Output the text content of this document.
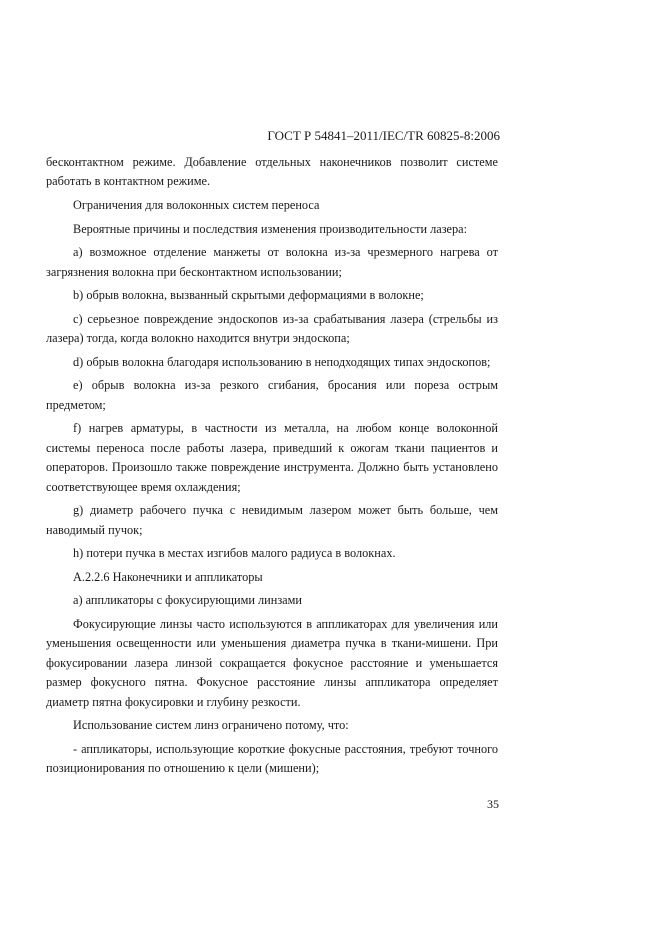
ГОСТ Р 54841–2011/IEC/TR 60825-8:2006

бесконтактном режиме. Добавление отдельных наконечников позволит системе работать в контактном режиме.

Ограничения для волоконных систем переноса

Вероятные причины и последствия изменения производительности лазера:

а) возможное отделение манжеты от волокна из-за чрезмерного нагрева от загрязнения волокна при бесконтактном использовании;

b) обрыв волокна, вызванный скрытыми деформациями в волокне;

с) серьезное повреждение эндоскопов из-за срабатывания лазера (стрельбы из лазера) тогда, когда волокно находится внутри эндоскопа;

d) обрыв волокна благодаря использованию в неподходящих типах эндоскопов;

е) обрыв волокна из-за резкого сгибания, бросания или пореза острым предметом;

f) нагрев арматуры, в частности из металла, на любом конце волоконной системы переноса после работы лазера, приведший к ожогам ткани пациентов и операторов. Произошло также повреждение инструмента. Должно быть установлено соответствующее время охлаждения;

g) диаметр рабочего пучка с невидимым лазером может быть больше, чем наводимый пучок;

h) потери пучка в местах изгибов малого радиуса в волокнах.

А.2.2.6 Наконечники и аппликаторы

а) аппликаторы с фокусирующими линзами

Фокусирующие линзы часто используются в аппликаторах для увеличения или уменьшения освещенности или уменьшения диаметра пучка в ткани-мишени. При фокусировании лазера линзой сокращается фокусное расстояние и уменьшается размер фокусного пятна. Фокусное расстояние линзы аппликатора определяет диаметр пятна фокусировки и глубину резкости.

Использование систем линз ограничено потому, что:

- аппликаторы, использующие короткие фокусные расстояния, требуют точного позиционирования по отношению к цели (мишени);

35
